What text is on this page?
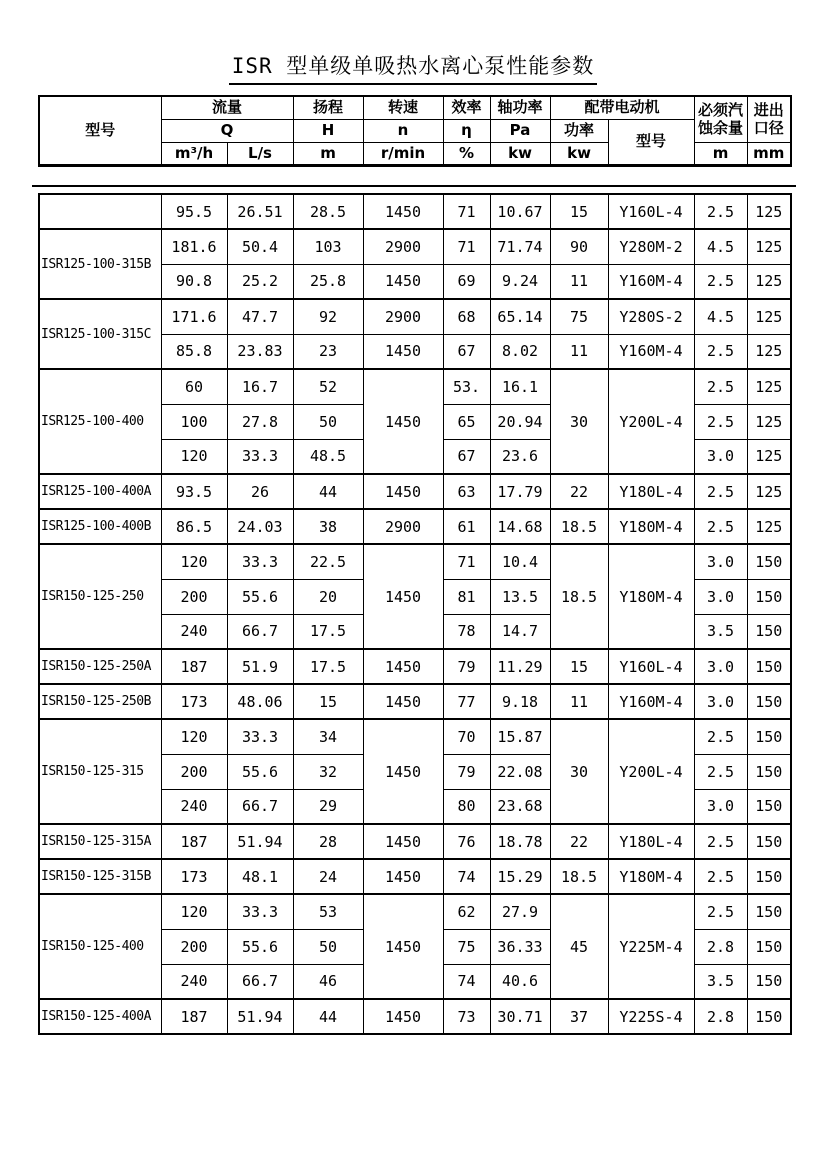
ISR 型单级单吸热水离心泵性能参数
型号	流量		扬程	转速	效率	轴功率	配带电动机		必须汽蚀余量	进出口径
	Q		H	n	η	Pa	功率	型号		
	m³/h	L/s	m	r/min	%	kw	kw		m	mm
	95.5	26.51	28.5	1450	71	10.67	15	Y160L-4	2.5	125
ISR125-100-315B	181.6	50.4	103	2900	71	71.74	90	Y280M-2	4.5	125
	90.8	25.2	25.8	1450	69	9.24	11	Y160M-4	2.5	125
ISR125-100-315C	171.6	47.7	92	2900	68	65.14	75	Y280S-2	4.5	125
	85.8	23.83	23	1450	67	8.02	11	Y160M-4	2.5	125
ISR125-100-400	60	16.7	52	1450	53.	16.1	30	Y200L-4	2.5	125
	100	27.8	50		65	20.94			2.5	125
	120	33.3	48.5		67	23.6			3.0	125
ISR125-100-400A	93.5	26	44	1450	63	17.79	22	Y180L-4	2.5	125
ISR125-100-400B	86.5	24.03	38	2900	61	14.68	18.5	Y180M-4	2.5	125
ISR150-125-250	120	33.3	22.5	1450	71	10.4	18.5	Y180M-4	3.0	150
	200	55.6	20		81	13.5			3.0	150
	240	66.7	17.5		78	14.7			3.5	150
ISR150-125-250A	187	51.9	17.5	1450	79	11.29	15	Y160L-4	3.0	150
ISR150-125-250B	173	48.06	15	1450	77	9.18	11	Y160M-4	3.0	150
ISR150-125-315	120	33.3	34	1450	70	15.87	30	Y200L-4	2.5	150
	200	55.6	32		79	22.08			2.5	150
	240	66.7	29		80	23.68			3.0	150
ISR150-125-315A	187	51.94	28	1450	76	18.78	22	Y180L-4	2.5	150
ISR150-125-315B	173	48.1	24	1450	74	15.29	18.5	Y180M-4	2.5	150
ISR150-125-400	120	33.3	53	1450	62	27.9	45	Y225M-4	2.5	150
	200	55.6	50		75	36.33			2.8	150
	240	66.7	46		74	40.6			3.5	150
ISR150-125-400A	187	51.94	44	1450	73	30.71	37	Y225S-4	2.8	150
